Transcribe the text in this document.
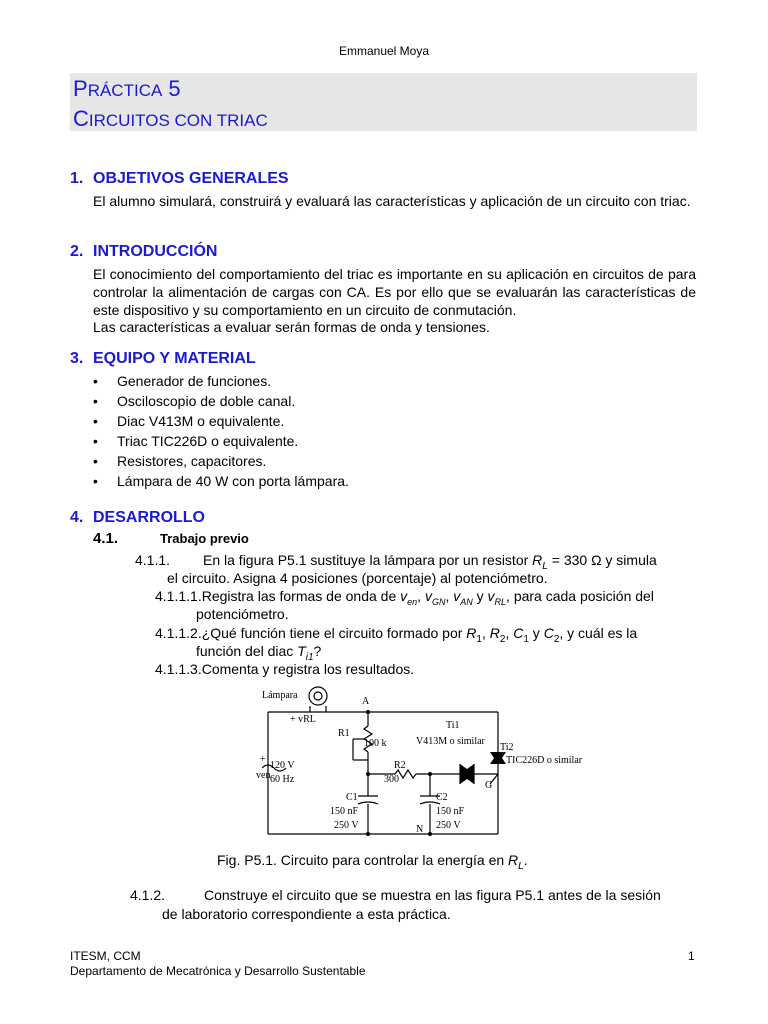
Emmanuel Moya
PRÁCTICA 5
CIRCUITOS CON TRIAC
1. OBJETIVOS GENERALES
El alumno simulará, construirá y evaluará las características y aplicación de un circuito con triac.
2. INTRODUCCIÓN
El conocimiento del comportamiento del triac es importante en su aplicación en circuitos de para controlar la alimentación de cargas con CA. Es por ello que se evaluarán las características de este dispositivo y su comportamiento en un circuito de conmutación.
Las características a evaluar serán formas de onda y tensiones.
3. EQUIPO Y MATERIAL
• Generador de funciones.
• Osciloscopio de doble canal.
• Diac V413M o equivalente.
• Triac TIC226D o equivalente.
• Resistores, capacitores.
• Lámpara de 40 W con porta lámpara.
4. DESARROLLO
4.1.	Trabajo previo
4.1.1. En la figura P5.1 sustituye la lámpara por un resistor $R_L = 330$ Ω y simula
el circuito. Asigna 4 posiciones (porcentaje) al potenciómetro.
4.1.1.1.Registra las formas de onda de $v_{en}$, $v_{GN}$, $v_{AN}$ y $v_{RL}$, para cada posición del
potenciómetro.
4.1.1.2.¿Qué función tiene el circuito formado por $R_1$, $R_2$, $C_1$ y $C_2$, y cuál es la
función del diac $T_{i1}$?
4.1.1.3.Comenta y registra los resultados.
Lámpara
+ vRL
A
R1
100 k
Ti1
V413M o similar
Ti2
TIC226D o similar
+
120 V
ven 60 Hz
R2
300
G
C1
150 nF
250 V
C2
150 nF
250 V
N
Fig. P5.1. Circuito para controlar la energía en $R_L$.
4.1.2.	Construye el circuito que se muestra en las figura P5.1 antes de la sesión
de laboratorio correspondiente a esta práctica.
ITESM, CCM
Departamento de Mecatrónica y Desarrollo Sustentable
1
